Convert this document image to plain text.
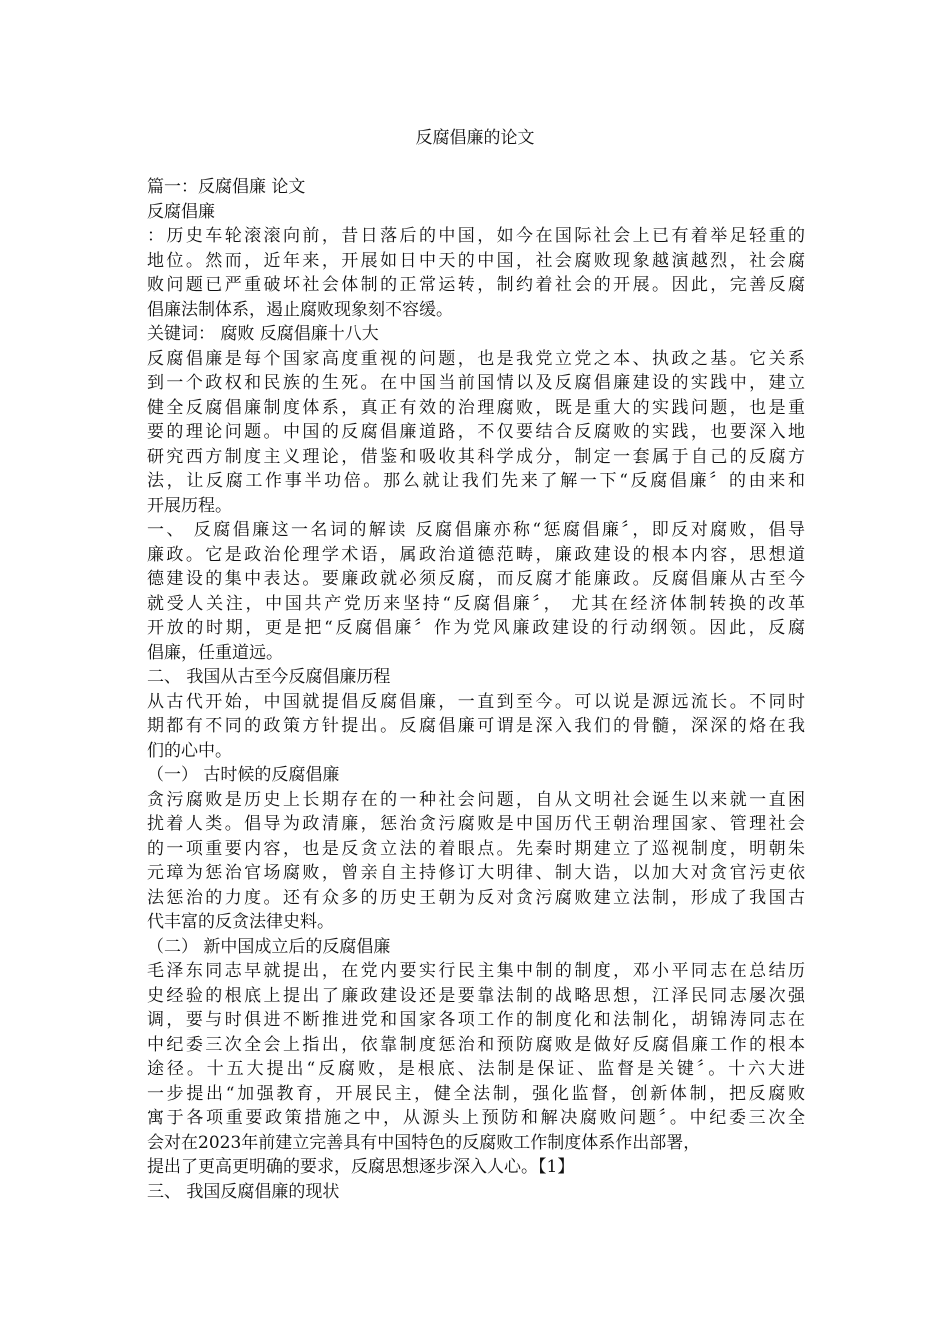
反腐倡廉的论文
篇一：反腐倡廉 论文
反腐倡廉
：历史车轮滚滚向前，昔日落后的中国，如今在国际社会上已有着举足轻重的
地位。然而，近年来，开展如日中天的中国，社会腐败现象越演越烈，社会腐
败问题已严重破坏社会体制的正常运转，制约着社会的开展。因此，完善反腐
倡廉法制体系，遏止腐败现象刻不容缓。
关键词： 腐败 反腐倡廉十八大
反腐倡廉是每个国家高度重视的问题，也是我党立党之本、执政之基。它关系
到一个政权和民族的生死。在中国当前国情以及反腐倡廉建设的实践中，建立
健全反腐倡廉制度体系，真正有效的治理腐败，既是重大的实践问题，也是重
要的理论问题。中国的反腐倡廉道路，不仅要结合反腐败的实践，也要深入地
研究西方制度主义理论，借鉴和吸收其科学成分，制定一套属于自己的反腐方
法，让反腐工作事半功倍。那么就让我们先来了解一下“反腐倡廉〞的由来和
开展历程。
一、 反腐倡廉这一名词的解读 反腐倡廉亦称“惩腐倡廉〞，即反对腐败，倡导
廉政。它是政治伦理学术语，属政治道德范畴，廉政建设的根本内容，思想道
德建设的集中表达。要廉政就必须反腐，而反腐才能廉政。反腐倡廉从古至今
就受人关注，中国共产党历来坚持“反腐倡廉〞， 尤其在经济体制转换的改革
开放的时期，更是把“反腐倡廉〞作为党风廉政建设的行动纲领。因此，反腐
倡廉，任重道远。
二、 我国从古至今反腐倡廉历程
从古代开始，中国就提倡反腐倡廉，一直到至今。可以说是源远流长。不同时
期都有不同的政策方针提出。反腐倡廉可谓是深入我们的骨髓，深深的烙在我
们的心中。
（一） 古时候的反腐倡廉
贪污腐败是历史上长期存在的一种社会问题，自从文明社会诞生以来就一直困
扰着人类。倡导为政清廉，惩治贪污腐败是中国历代王朝治理国家、管理社会
的一项重要内容，也是反贪立法的着眼点。先秦时期建立了巡视制度，明朝朱
元璋为惩治官场腐败，曾亲自主持修订大明律、制大诰，以加大对贪官污吏依
法惩治的力度。还有众多的历史王朝为反对贪污腐败建立法制，形成了我国古
代丰富的反贪法律史料。
（二） 新中国成立后的反腐倡廉
毛泽东同志早就提出，在党内要实行民主集中制的制度，邓小平同志在总结历
史经验的根底上提出了廉政建设还是要靠法制的战略思想，江泽民同志屡次强
调，要与时俱进不断推进党和国家各项工作的制度化和法制化，胡锦涛同志在
中纪委三次全会上指出，依靠制度惩治和预防腐败是做好反腐倡廉工作的根本
途径。十五大提出“反腐败，是根底、法制是保证、监督是关键〞。十六大进
一步提出“加强教育，开展民主，健全法制，强化监督，创新体制，把反腐败
寓于各项重要政策措施之中，从源头上预防和解决腐败问题〞。中纪委三次全
会对在2023年前建立完善具有中国特色的反腐败工作制度体系作出部署，
提出了更高更明确的要求，反腐思想逐步深入人心。【1】
三、 我国反腐倡廉的现状
